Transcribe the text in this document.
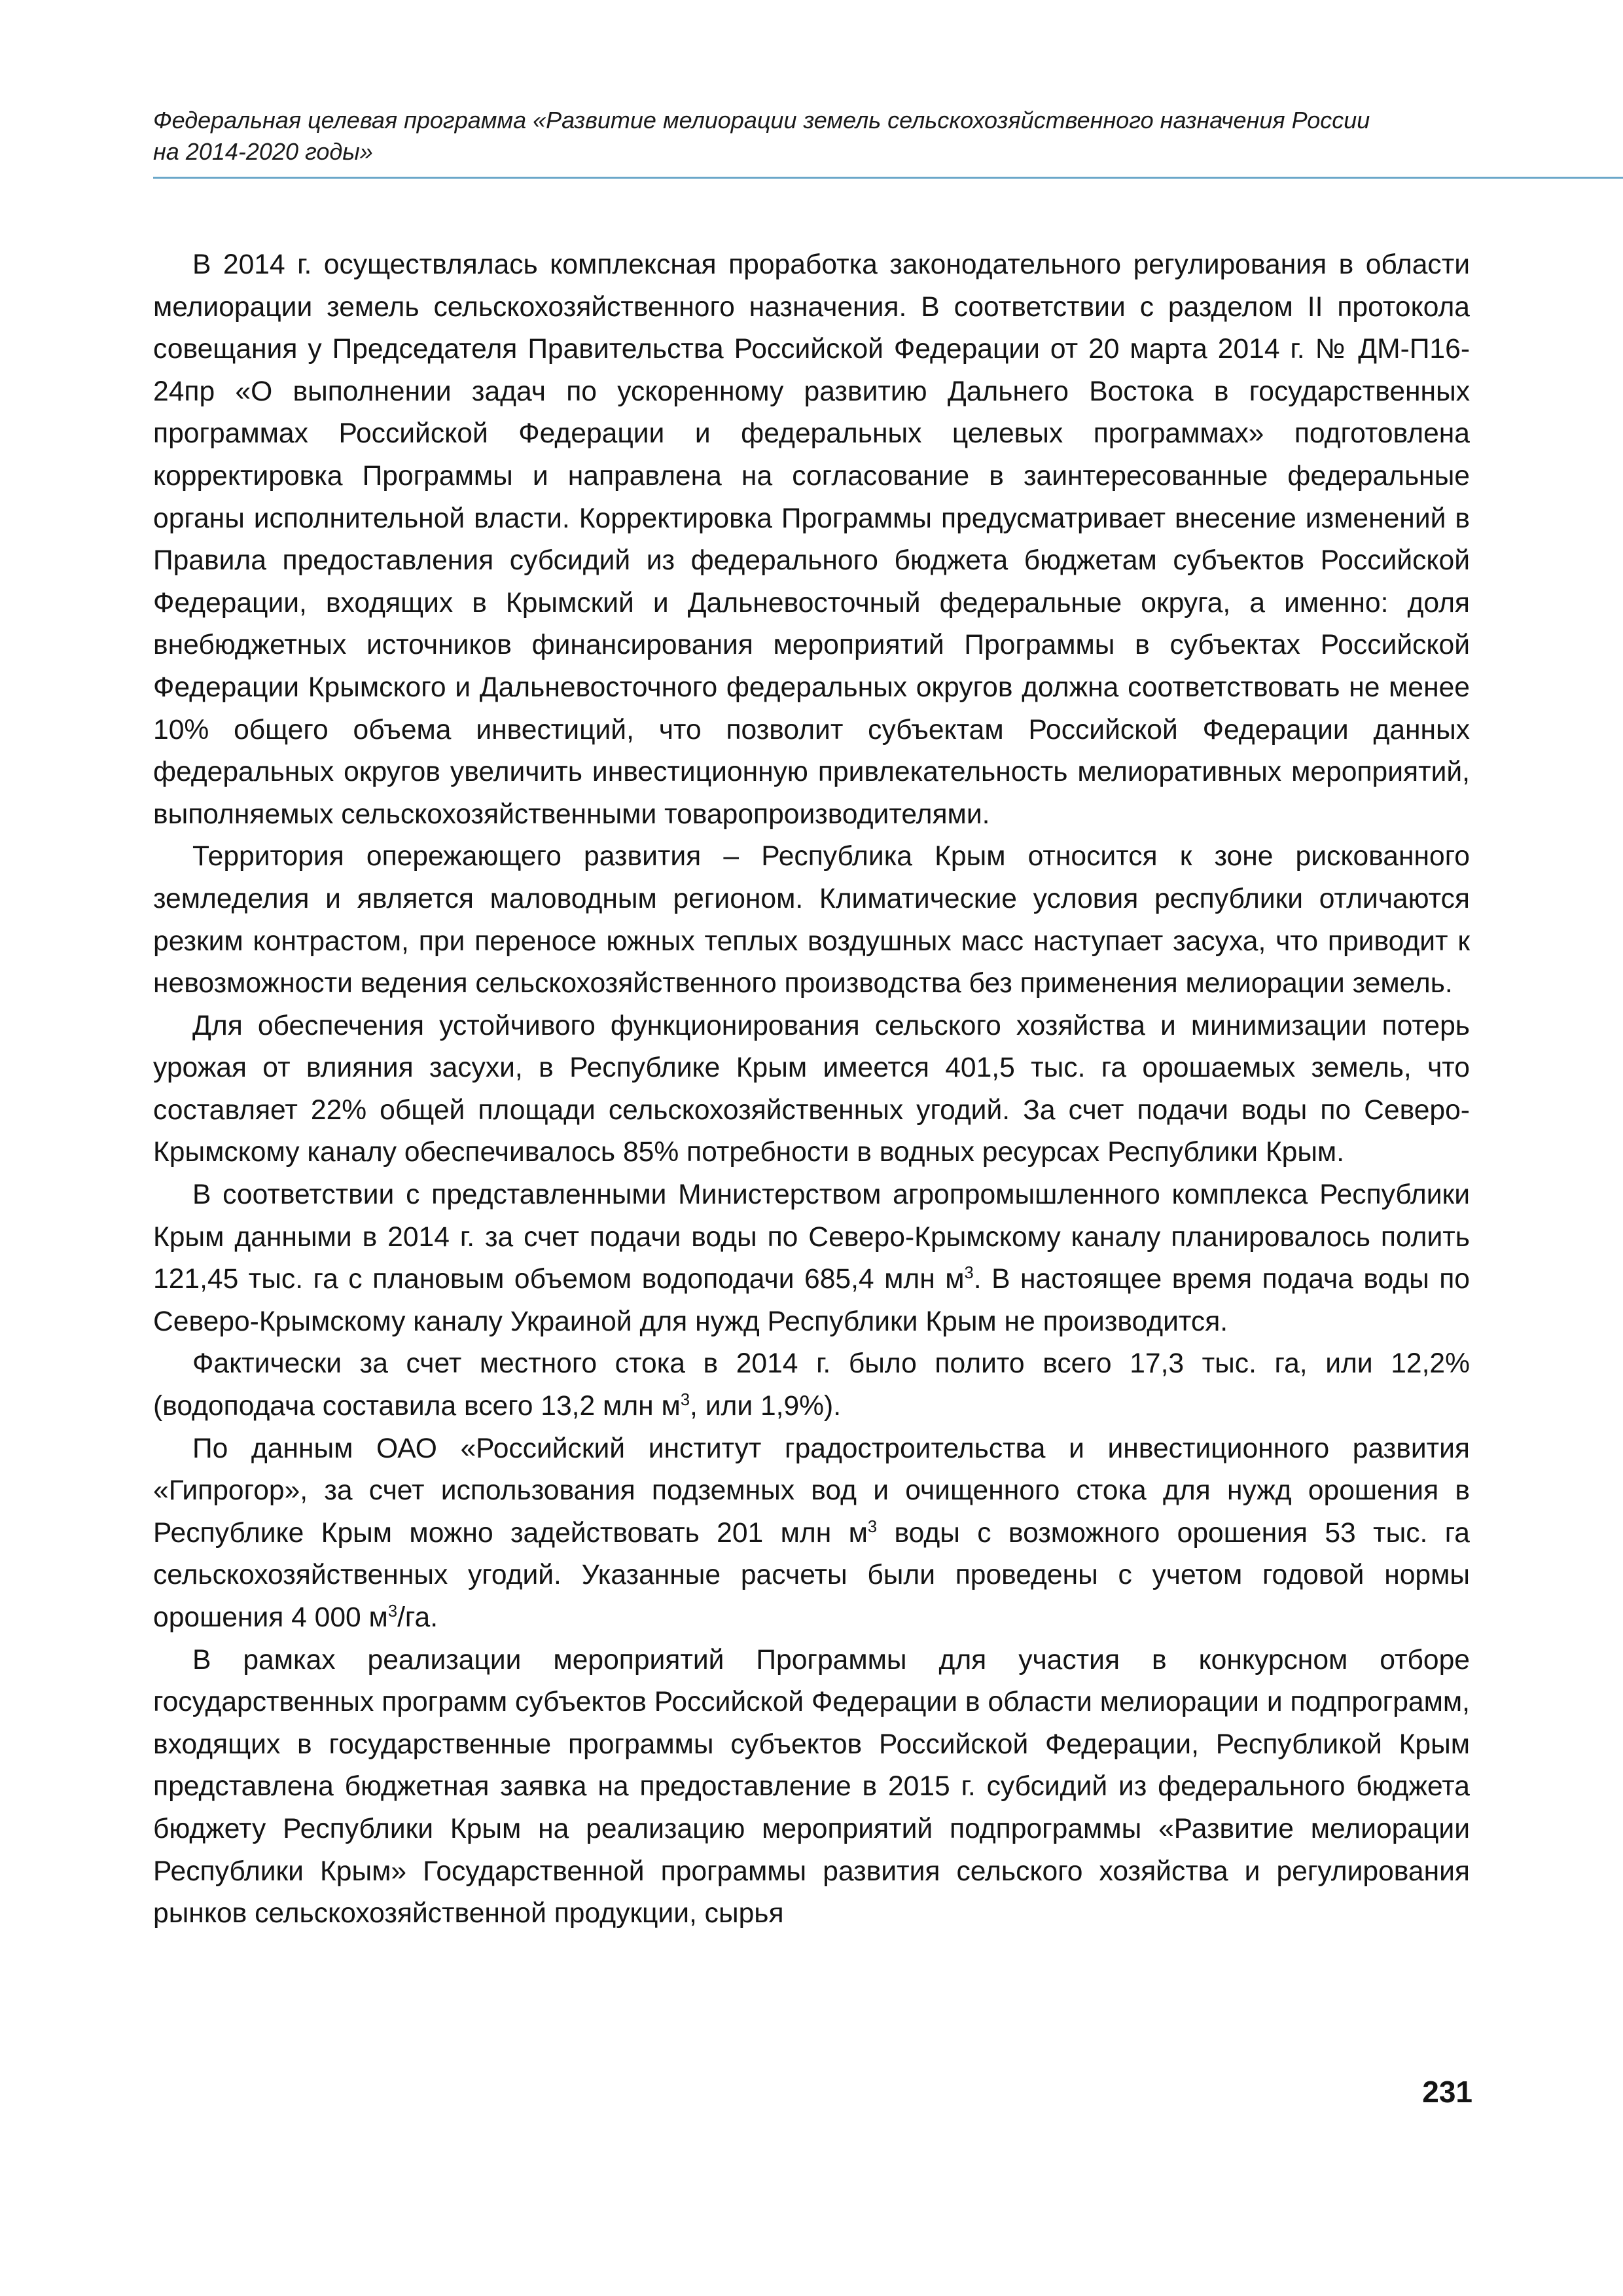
Федеральная целевая программа «Развитие мелиорации земель сельскохозяйственного назначения России
на 2014-2020 годы»

В 2014 г. осуществлялась комплексная проработка законодательного регулирования в области мелиорации земель сельскохозяйственного назначения. В соответствии с разделом II протокола совещания у Председателя Правительства Российской Федерации от 20 марта 2014 г. № ДМ-П16-24пр «О выполнении задач по ускоренному развитию Дальнего Востока в государственных программах Российской Федерации и федеральных целевых программах» подготовлена корректировка Программы и направлена на согласование в заинтересованные федеральные органы исполнительной власти. Корректировка Программы предусматривает внесение изменений в Правила предоставления субсидий из федерального бюджета бюджетам субъектов Российской Федерации, входящих в Крымский и Дальневосточный федеральные округа, а именно: доля внебюджетных источников финансирования мероприятий Программы в субъектах Российской Федерации Крымского и Дальневосточного федеральных округов должна соответствовать не менее 10% общего объема инвестиций, что позволит субъектам Российской Федерации данных федеральных округов увеличить инвестиционную привлекательность мелиоративных мероприятий, выполняемых сельскохозяйственными товаропроизводителями.

Территория опережающего развития – Республика Крым относится к зоне рискованного земледелия и является маловодным регионом. Климатические условия республики отличаются резким контрастом, при переносе южных теплых воздушных масс наступает засуха, что приводит к невозможности ведения сельскохозяйственного производства без применения мелиорации земель.

Для обеспечения устойчивого функционирования сельского хозяйства и минимизации потерь урожая от влияния засухи, в Республике Крым имеется 401,5 тыс. га орошаемых земель, что составляет 22% общей площади сельскохозяйственных угодий. За счет подачи воды по Северо-Крымскому каналу обеспечивалось 85% потребности в водных ресурсах Республики Крым.

В соответствии с представленными Министерством агропромышленного комплекса Республики Крым данными в 2014 г. за счет подачи воды по Северо-Крымскому каналу планировалось полить 121,45 тыс. га с плановым объемом водоподачи 685,4 млн $м^3$. В настоящее время подача воды по Северо-Крымскому каналу Украиной для нужд Республики Крым не производится.

Фактически за счет местного стока в 2014 г. было полито всего 17,3 тыс. га, или 12,2% (водоподача составила всего 13,2 млн $м^3$, или 1,9%).

По данным ОАО «Российский институт градостроительства и инвестиционного развития «Гипрогор», за счет использования подземных вод и очищенного стока для нужд орошения в Республике Крым можно задействовать 201 млн $м^3$ воды с возможного орошения 53 тыс. га сельскохозяйственных угодий. Указанные расчеты были проведены с учетом годовой нормы орошения 4 000 $м^3/га$.

В рамках реализации мероприятий Программы для участия в конкурсном отборе государственных программ субъектов Российской Федерации в области мелиорации и подпрограмм, входящих в государственные программы субъектов Российской Федерации, Республикой Крым представлена бюджетная заявка на предоставление в 2015 г. субсидий из федерального бюджета бюджету Республики Крым на реализацию мероприятий подпрограммы «Развитие мелиорации Республики Крым» Государственной программы развития сельского хозяйства и регулирования рынков сельскохозяйственной продукции, сырья

231
